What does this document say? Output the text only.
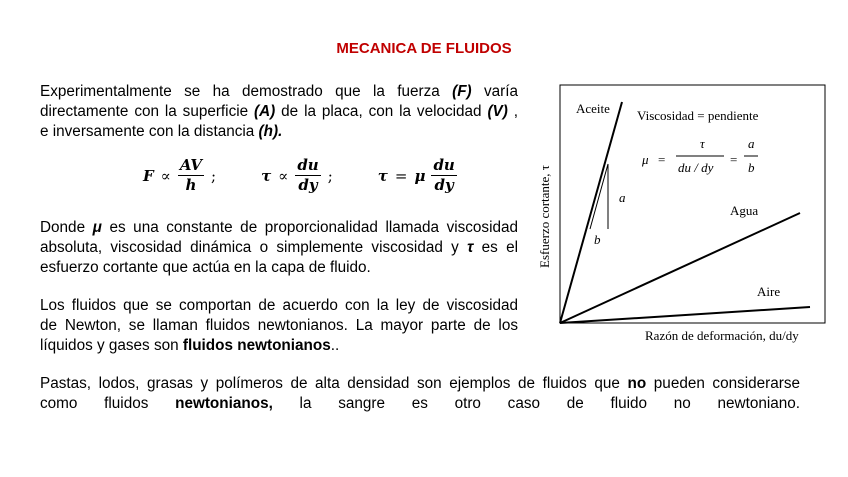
MECANICA DE FLUIDOS
Experimentalmente se ha demostrado que la fuerza (F) varía
directamente con la superficie (A) de la placa, con la velocidad (V) ,
e inversamente con la distancia (h).
$F \propto \frac{AV}{h}$ ;	$\tau \propto \frac{du}{dy}$ ;	τ = μ $\frac{du}{dy}$
Donde μ es una constante de proporcionalidad llamada viscosidad
absoluta, viscosidad dinámica o simplemente viscosidad y τ es el
esfuerzo cortante que actúa en la capa de fluido.
Los fluidos que se comportan de acuerdo con la ley de viscosidad
de Newton, se llaman fluidos newtonianos. La mayor parte de los
líquidos y gases son fluidos newtonianos..
Pastas, lodos, grasas y polímeros de alta densidad son ejemplos de fluidos que no pueden considerarse
como fluidos newtonianos, la sangre es otro caso de fluido no newtoniano.
Aceite
Agua
Aire
Viscosidad = pendiente
a
b
μ =
τ
du / dy
=
a
b
Razón de deformación, du/dy
Esfuerzo cortante, τ
